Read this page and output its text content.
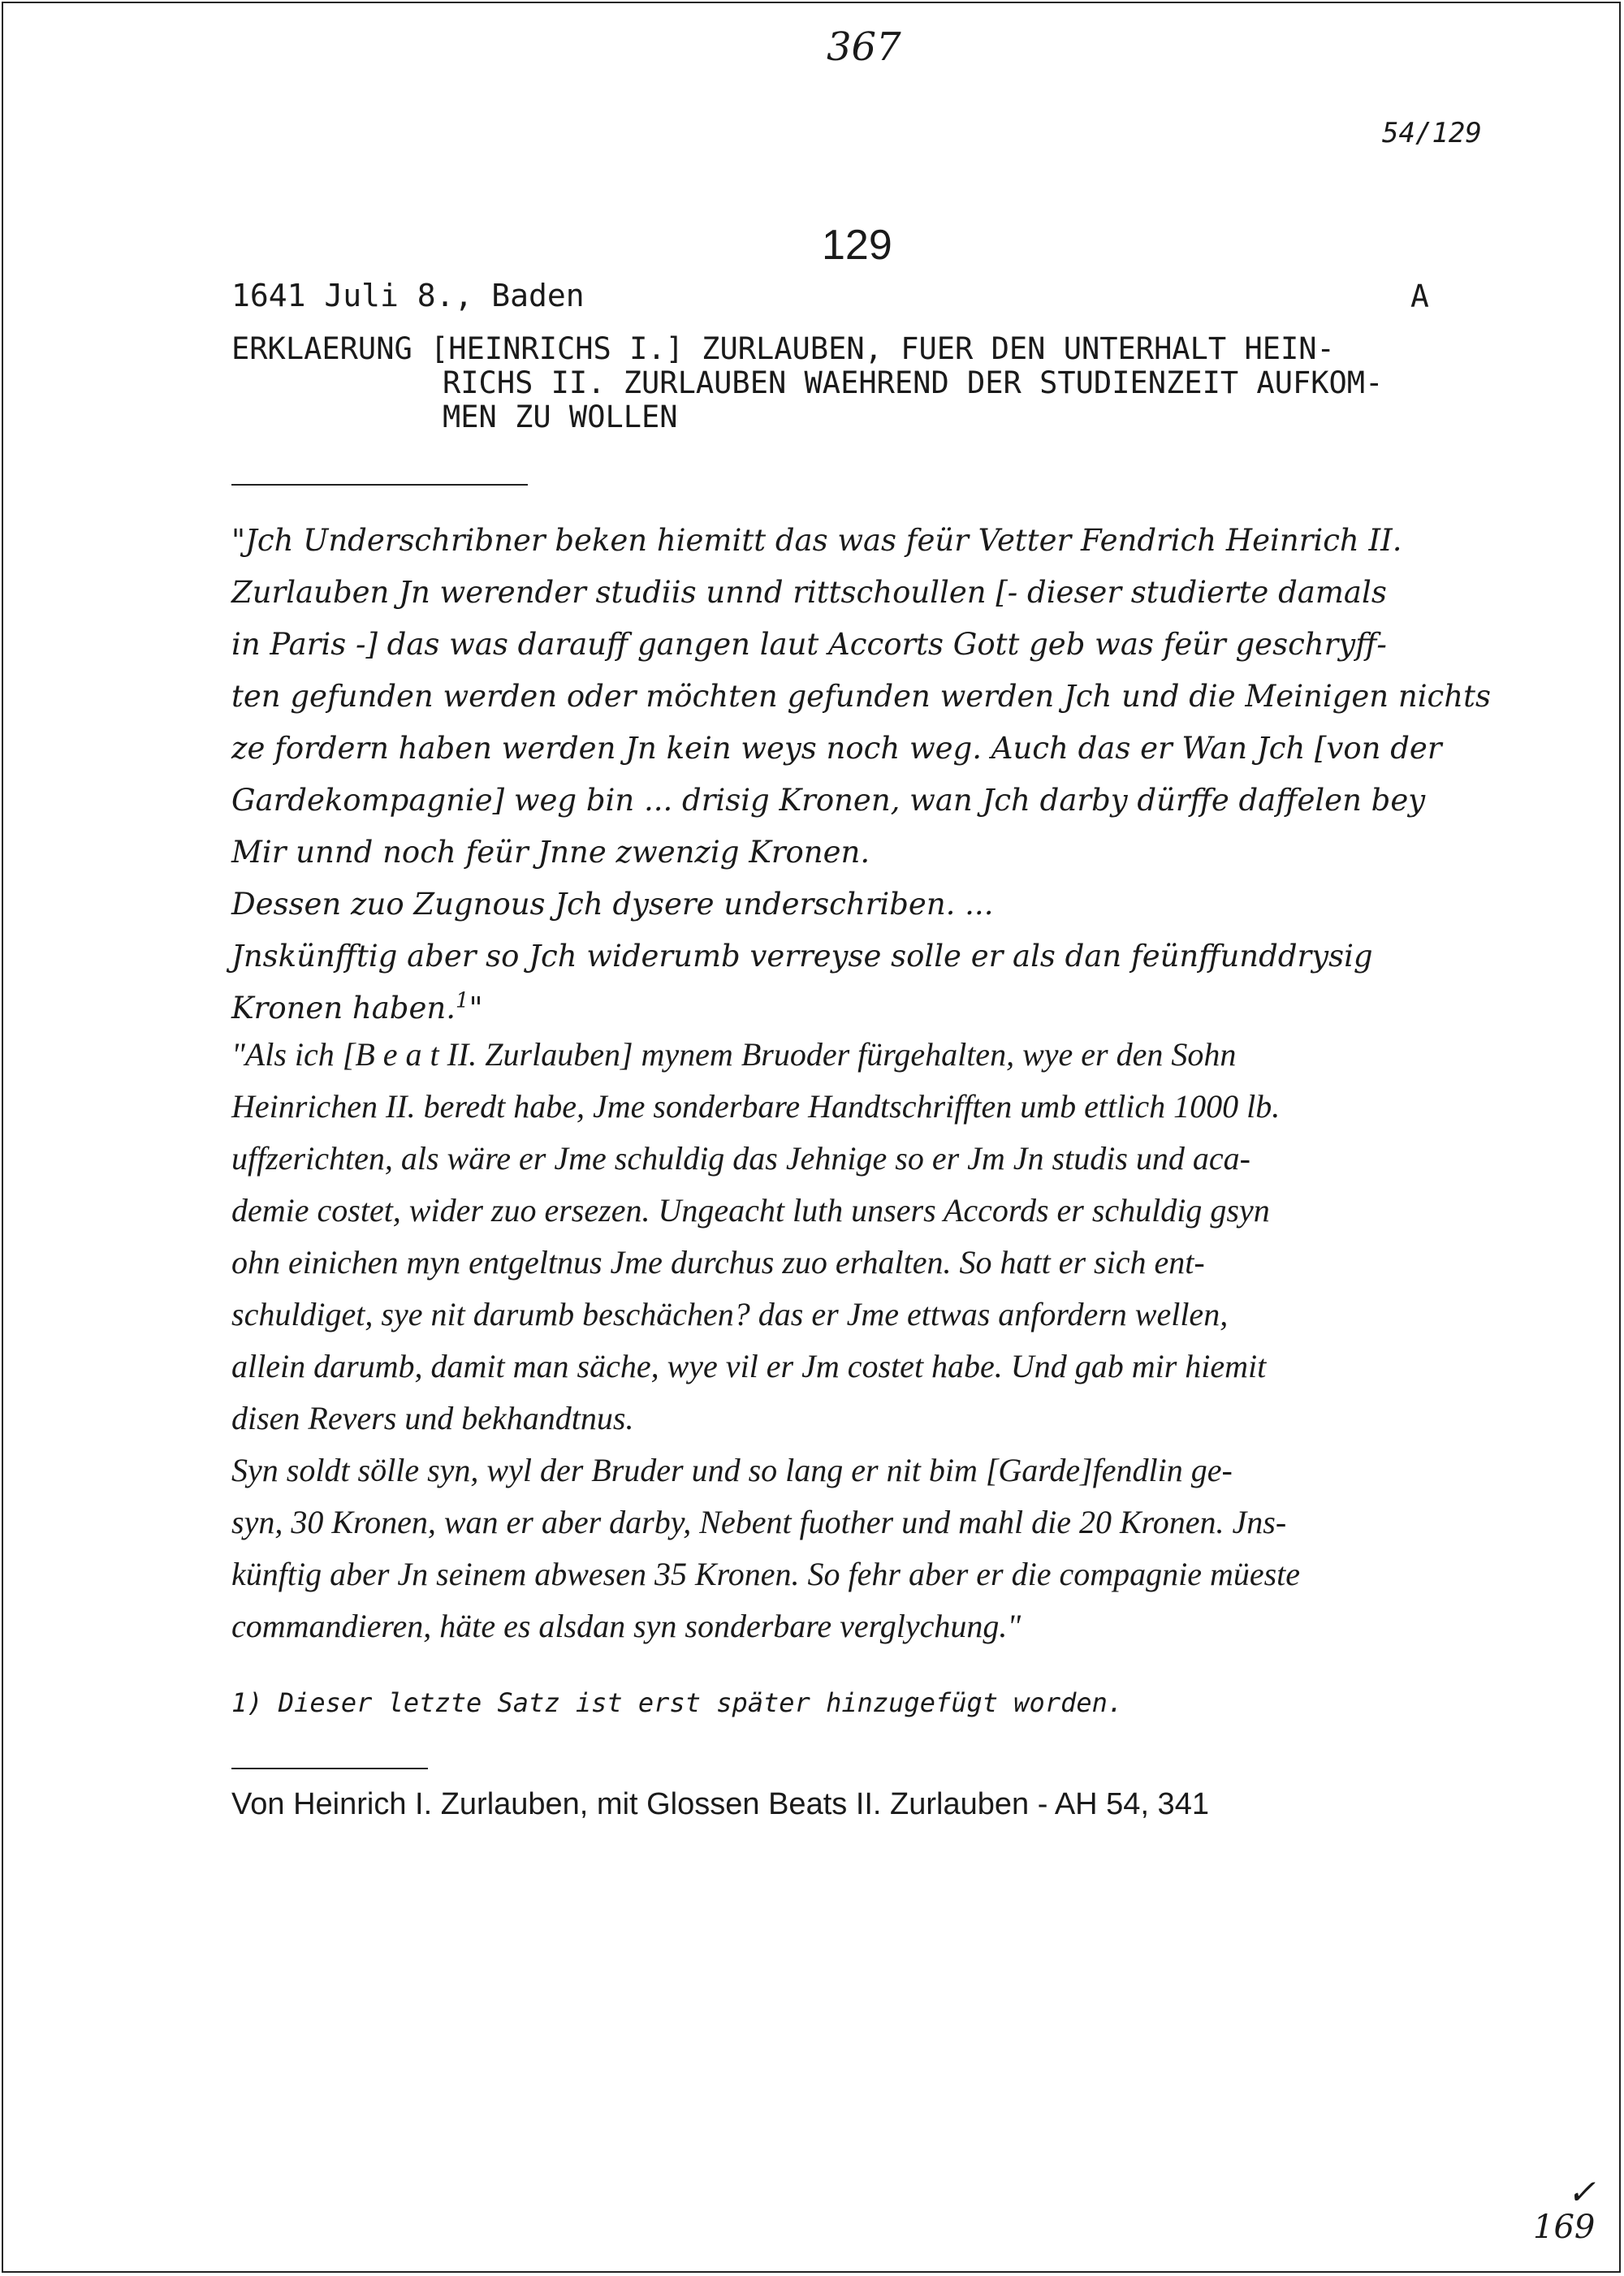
367
54/129
129
1641 Juli 8., Baden	A
ERKLAERUNG [HEINRICHS I.] ZURLAUBEN, FUER DEN UNTERHALT HEIN-
RICHS II. ZURLAUBEN WAEHREND DER STUDIENZEIT AUFKOM-
MEN ZU WOLLEN
"Jch Underschribner beken hiemitt das was feür Vetter Fendrich Heinrich II.
Zurlauben Jn werender studiis unnd rittschoullen [- dieser studierte damals
in Paris -] das was darauff gangen laut Accorts Gott geb was feür geschryff-
ten gefunden werden oder möchten gefunden werden Jch und die Meinigen nichts
ze fordern haben werden Jn kein weys noch weg. Auch das er Wan Jch [von der
Gardekompagnie] weg bin ... drisig Kronen, wan Jch darby dürffe daffelen bey
Mir unnd noch feür Jnne zwenzig Kronen.
Dessen zuo Zugnous Jch dysere underschriben. ...
Jnskünfftig aber so Jch widerumb verreyse solle er als dan feünffunddrysig
Kronen haben.$^1$"
"Als ich [B e a t II. Zurlauben] mynem Bruoder fürgehalten, wye er den Sohn
Heinrichen II. beredt habe, Jme sonderbare Handtschrifften umb ettlich 1000 lb.
uffzerichten, als wäre er Jme schuldig das Jehnige so er Jm Jn studis und aca-
demie costet, wider zuo ersezen. Ungeacht luth unsers Accords er schuldig gsyn
ohn einichen myn entgeltnus Jme durchus zuo erhalten. So hatt er sich ent-
schuldiget, sye nit darumb beschächen? das er Jme ettwas anfordern wellen,
allein darumb, damit man säche, wye vil er Jm costet habe. Und gab mir hiemit
disen Revers und bekhandtnus.
Syn soldt sölle syn, wyl der Bruder und so lang er nit bim [Garde]fendlin ge-
syn, 30 Kronen, wan er aber darby, Nebent fuother und mahl die 20 Kronen. Jns-
künftig aber Jn seinem abwesen 35 Kronen. So fehr aber er die compagnie müeste
commandieren, häte es alsdan syn sonderbare verglychung."
1) Dieser letzte Satz ist erst später hinzugefügt worden.
Von Heinrich I. Zurlauben, mit Glossen Beats II. Zurlauben - AH 54, 341
✓
169
